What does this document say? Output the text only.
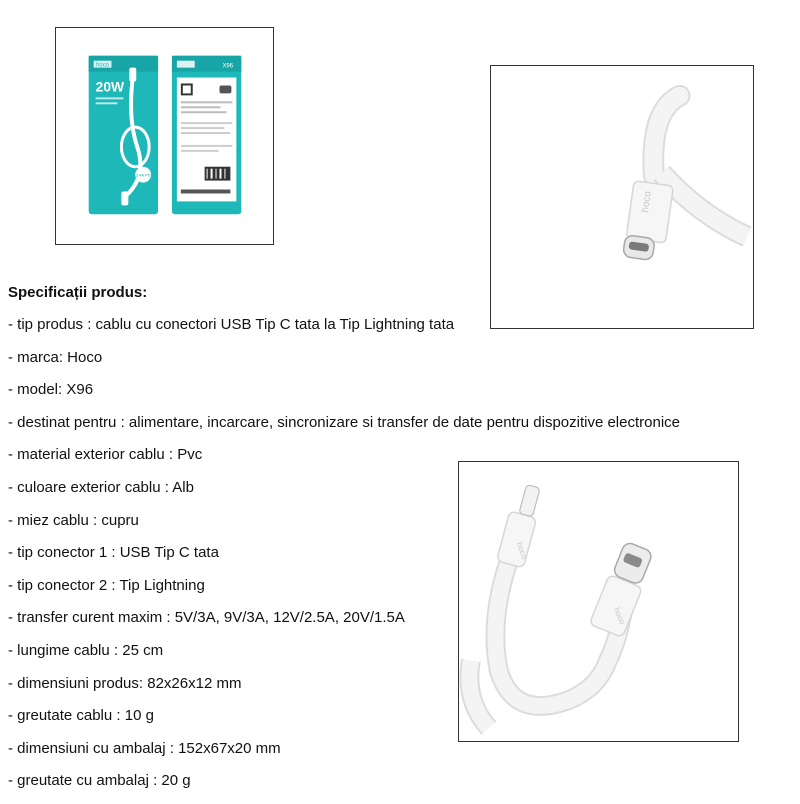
hoco
20W
2.4A PD
X96
hoco
hoco
hoco
Specificații produs:
- tip produs : cablu cu conectori USB Tip C tata la Tip Lightning tata
- marca: Hoco
- model: X96
- destinat pentru : alimentare, incarcare, sincronizare si transfer de date pentru dispozitive electronice
- material exterior cablu : Pvc
- culoare exterior cablu : Alb
- miez cablu : cupru
- tip conector 1 : USB Tip C tata
- tip conector 2 : Tip Lightning
- transfer curent maxim : 5V/3A, 9V/3A, 12V/2.5A, 20V/1.5A
- lungime cablu : 25 cm
- dimensiuni produs: 82x26x12 mm
- greutate cablu : 10 g
- dimensiuni cu ambalaj : 152x67x20 mm
- greutate cu ambalaj : 20 g
